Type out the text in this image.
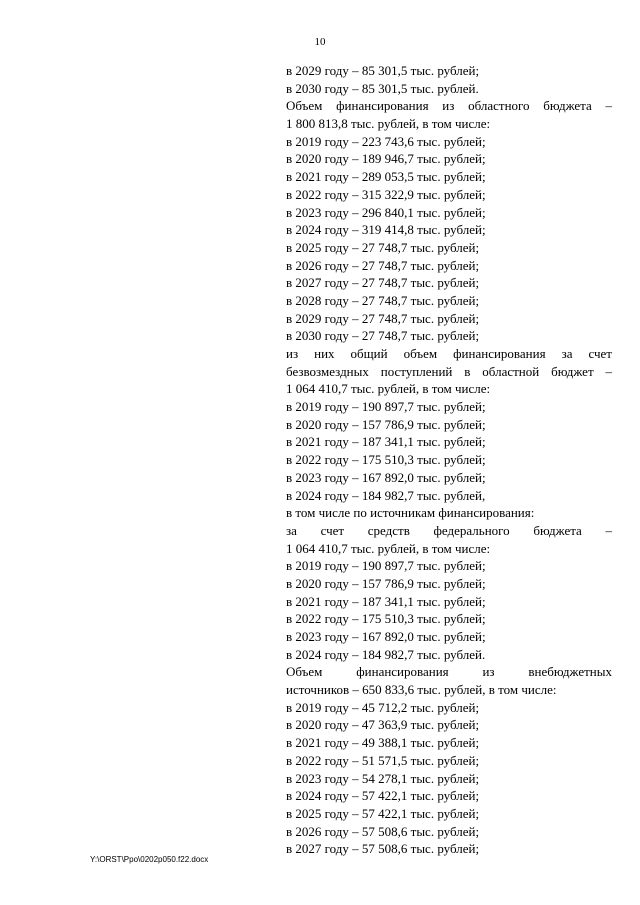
10
в 2029 году – 85 301,5 тыс. рублей;
в 2030 году – 85 301,5 тыс. рублей.
Объем финансирования из областного бюджета –
1 800 813,8 тыс. рублей, в том числе:
в 2019 году – 223 743,6 тыс. рублей;
в 2020 году – 189 946,7 тыс. рублей;
в 2021 году – 289 053,5 тыс. рублей;
в 2022 году – 315 322,9 тыс. рублей;
в 2023 году – 296 840,1 тыс. рублей;
в 2024 году – 319 414,8 тыс. рублей;
в 2025 году – 27 748,7 тыс. рублей;
в 2026 году – 27 748,7 тыс. рублей;
в 2027 году – 27 748,7 тыс. рублей;
в 2028 году – 27 748,7 тыс. рублей;
в 2029 году – 27 748,7 тыс. рублей;
в 2030 году – 27 748,7 тыс. рублей;
из них общий объем финансирования за счет
безвозмездных поступлений в областной бюджет –
1 064 410,7 тыс. рублей, в том числе:
в 2019 году – 190 897,7 тыс. рублей;
в 2020 году – 157 786,9 тыс. рублей;
в 2021 году – 187 341,1 тыс. рублей;
в 2022 году – 175 510,3 тыс. рублей;
в 2023 году – 167 892,0 тыс. рублей;
в 2024 году – 184 982,7 тыс. рублей,
в том числе по источникам финансирования:
за счет средств федерального бюджета –
1 064 410,7 тыс. рублей, в том числе:
в 2019 году – 190 897,7 тыс. рублей;
в 2020 году – 157 786,9 тыс. рублей;
в 2021 году – 187 341,1 тыс. рублей;
в 2022 году – 175 510,3 тыс. рублей;
в 2023 году – 167 892,0 тыс. рублей;
в 2024 году – 184 982,7 тыс. рублей.
Объем финансирования из внебюджетных
источников – 650 833,6 тыс. рублей, в том числе:
в 2019 году – 45 712,2 тыс. рублей;
в 2020 году – 47 363,9 тыс. рублей;
в 2021 году – 49 388,1 тыс. рублей;
в 2022 году – 51 571,5 тыс. рублей;
в 2023 году – 54 278,1 тыс. рублей;
в 2024 году – 57 422,1 тыс. рублей;
в 2025 году – 57 422,1 тыс. рублей;
в 2026 году – 57 508,6 тыс. рублей;
в 2027 году – 57 508,6 тыс. рублей;
Y:\ORST\Ppo\0202p050.f22.docx
